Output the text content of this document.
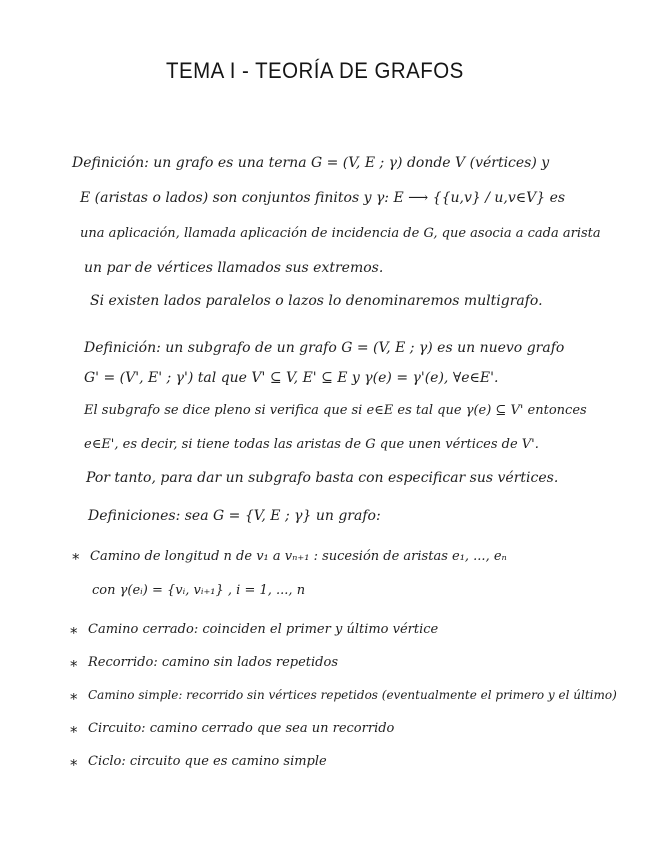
TEMA I - TEORÍA DE GRAFOS
Definición: un grafo es una terna G = (V, E ; γ) donde V (vértices) y
E (aristas o lados) son conjuntos finitos y γ: E ⟶ {{u,v} / u,v∈V} es
una aplicación, llamada aplicación de incidencia de G, que asocia a cada arista
un par de vértices llamados sus extremos.
Si existen lados paralelos o lazos lo denominaremos multigrafo.
Definición: un subgrafo de un grafo G = (V, E ; γ) es un nuevo grafo
G' = (V', E' ; γ') tal que V' ⊆ V, E' ⊆ E y γ(e) = γ'(e), ∀e∈E'.
El subgrafo se dice pleno si verifica que si e∈E es tal que γ(e) ⊆ V' entonces
e∈E', es decir, si tiene todas las aristas de G que unen vértices de V'.
Por tanto, para dar un subgrafo basta con especificar sus vértices.
Definiciones: sea G = {V, E ; γ} un grafo:
* Camino de longitud n de v₁ a vₙ₊₁ : sucesión de aristas e₁, ..., eₙ
con γ(eᵢ) = {vᵢ, vᵢ₊₁} , i = 1, ..., n
* Camino cerrado: coinciden el primer y último vértice
* Recorrido: camino sin lados repetidos
* Camino simple: recorrido sin vértices repetidos (eventualmente el primero y el último)
* Circuito: camino cerrado que sea un recorrido
* Ciclo: circuito que es camino simple
